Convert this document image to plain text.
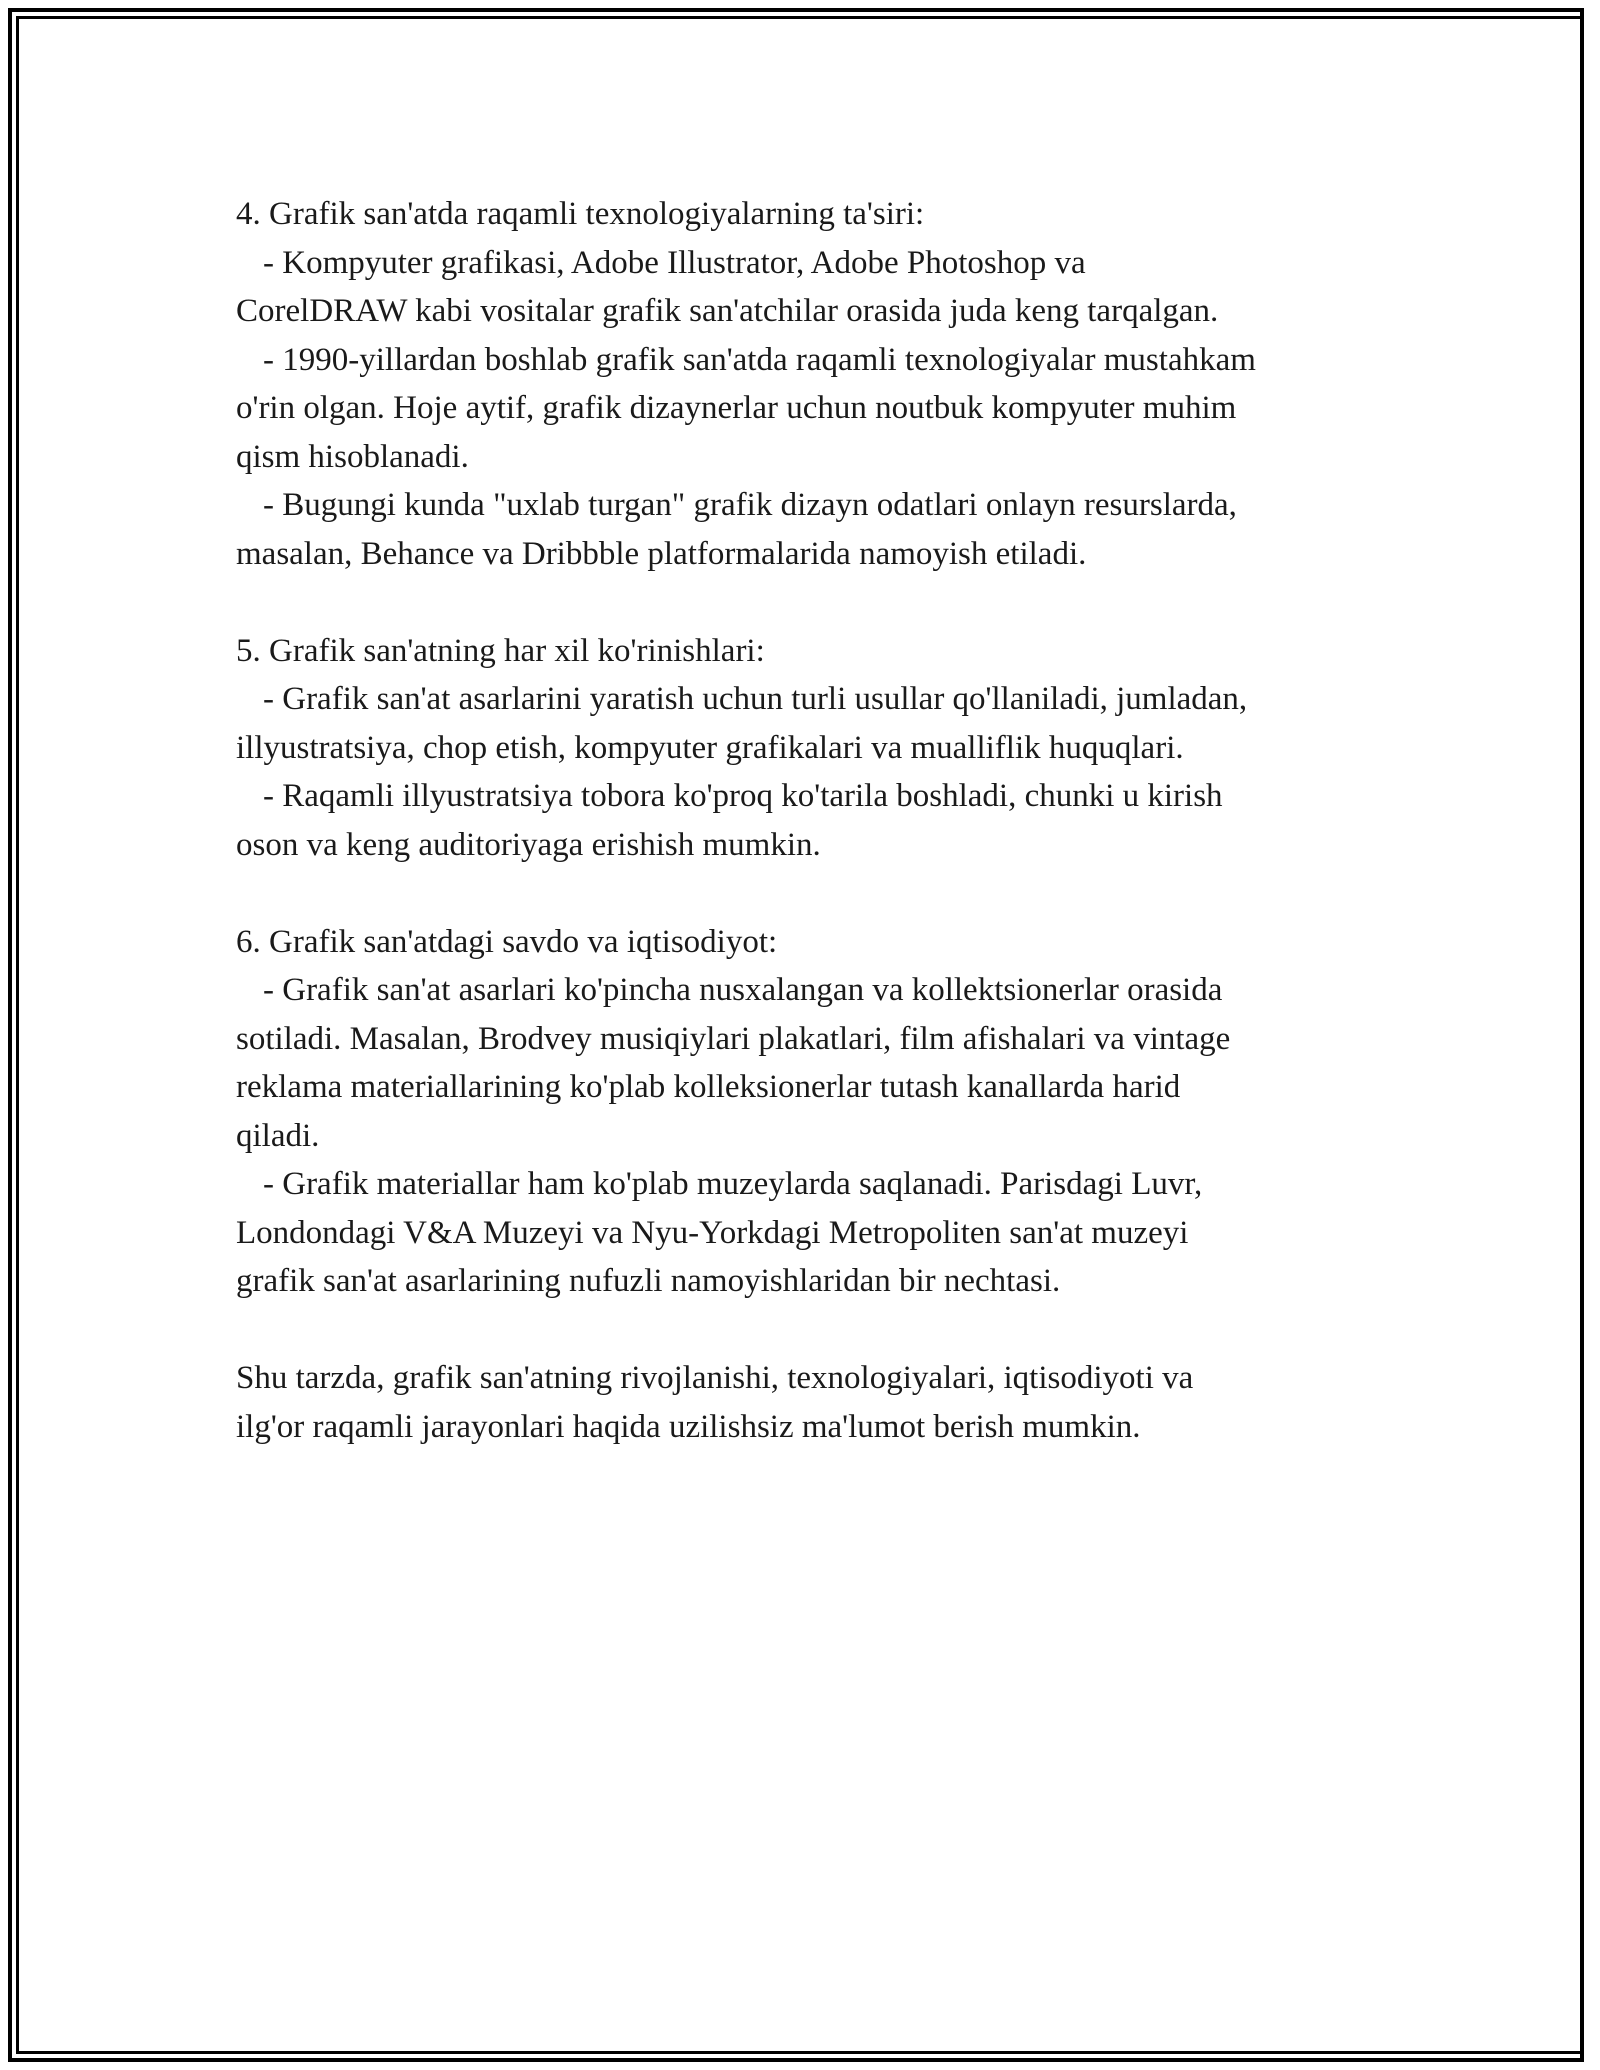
4. Grafik san'atda raqamli texnologiyalarning ta'siri:
- Kompyuter grafikasi, Adobe Illustrator, Adobe Photoshop va
CorelDRAW kabi vositalar grafik san'atchilar orasida juda keng tarqalgan.
- 1990-yillardan boshlab grafik san'atda raqamli texnologiyalar mustahkam
o'rin olgan. Hoje aytif, grafik dizaynerlar uchun noutbuk kompyuter muhim
qism hisoblanadi.
- Bugungi kunda "uxlab turgan" grafik dizayn odatlari onlayn resurslarda,
masalan, Behance va Dribbble platformalarida namoyish etiladi.
5. Grafik san'atning har xil ko'rinishlari:
- Grafik san'at asarlarini yaratish uchun turli usullar qo'llaniladi, jumladan,
illyustratsiya, chop etish, kompyuter grafikalari va mualliflik huquqlari.
- Raqamli illyustratsiya tobora ko'proq ko'tarila boshladi, chunki u kirish
oson va keng auditoriyaga erishish mumkin.
6. Grafik san'atdagi savdo va iqtisodiyot:
- Grafik san'at asarlari ko'pincha nusxalangan va kollektsionerlar orasida
sotiladi. Masalan, Brodvey musiqiylari plakatlari, film afishalari va vintage
reklama materiallarining ko'plab kolleksionerlar tutash kanallarda harid
qiladi.
- Grafik materiallar ham ko'plab muzeylarda saqlanadi. Parisdagi Luvr,
Londondagi V&A Muzeyi va Nyu-Yorkdagi Metropoliten san'at muzeyi
grafik san'at asarlarining nufuzli namoyishlaridan bir nechtasi.
Shu tarzda, grafik san'atning rivojlanishi, texnologiyalari, iqtisodiyoti va
ilg'or raqamli jarayonlari haqida uzilishsiz ma'lumot berish mumkin.
